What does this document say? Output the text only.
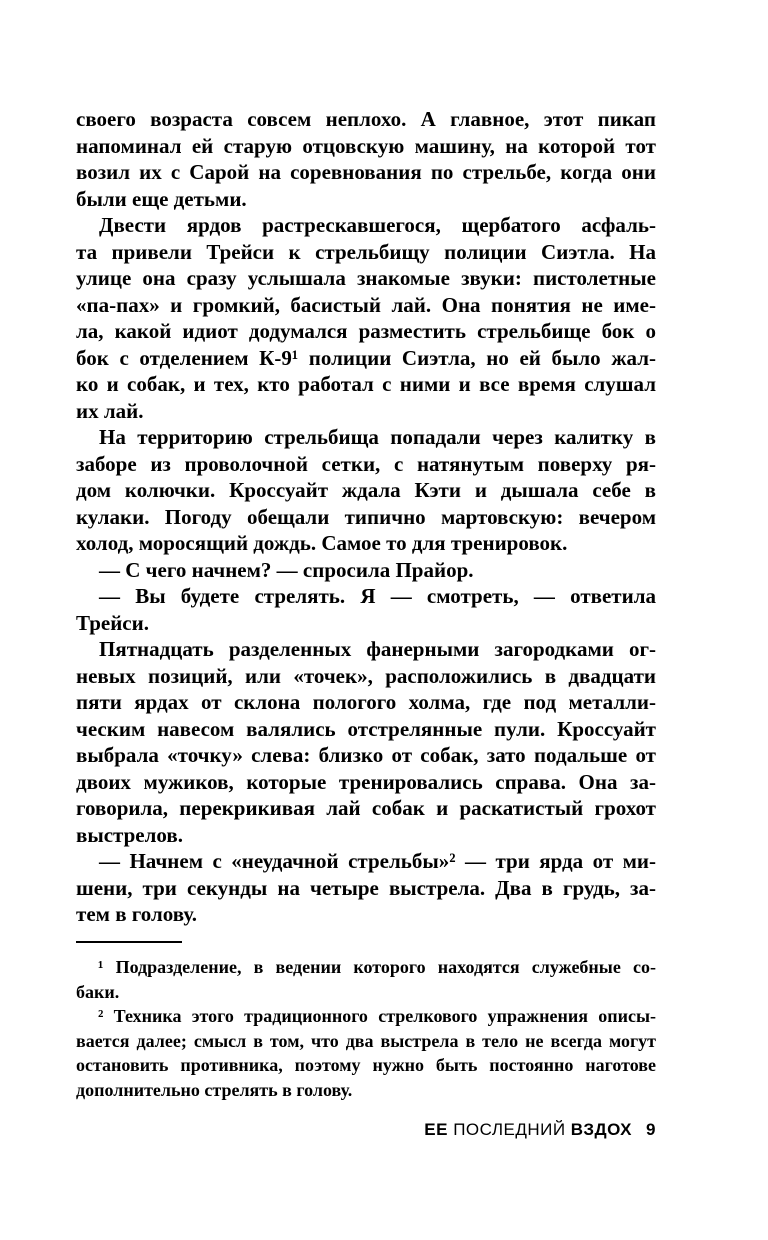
своего возраста совсем неплохо. А главное, этот пикап
напоминал ей старую отцовскую машину, на которой тот
возил их с Сарой на соревнования по стрельбе, когда они
были еще детьми.
Двести ярдов растрескавшегося, щербатого асфаль-
та привели Трейси к стрельбищу полиции Сиэтла. На
улице она сразу услышала знакомые звуки: пистолетные
«па-пах» и громкий, басистый лай. Она понятия не име-
ла, какой идиот додумался разместить стрельбище бок о
бок с отделением К-9¹ полиции Сиэтла, но ей было жал-
ко и собак, и тех, кто работал с ними и все время слушал
их лай.
На территорию стрельбища попадали через калитку в
заборе из проволочной сетки, с натянутым поверху ря-
дом колючки. Кроссуайт ждала Кэти и дышала себе в
кулаки. Погоду обещали типично мартовскую: вечером
холод, моросящий дождь. Самое то для тренировок.
— С чего начнем? — спросила Прайор.
— Вы будете стрелять. Я — смотреть, — ответила
Трейси.
Пятнадцать разделенных фанерными загородками ог-
невых позиций, или «точек», расположились в двадцати
пяти ярдах от склона пологого холма, где под металли-
ческим навесом валялись отстрелянные пули. Кроссуайт
выбрала «точку» слева: близко от собак, зато подальше от
двоих мужиков, которые тренировались справа. Она за-
говорила, перекрикивая лай собак и раскатистый грохот
выстрелов.
— Начнем с «неудачной стрельбы»² — три ярда от ми-
шени, три секунды на четыре выстрела. Два в грудь, за-
тем в голову.
¹ Подразделение, в ведении которого находятся служебные со-
баки.
² Техника этого традиционного стрелкового упражнения описы-
вается далее; смысл в том, что два выстрела в тело не всегда могут
остановить противника, поэтому нужно быть постоянно наготове
дополнительно стрелять в голову.
ЕЕ ПОСЛЕДНИЙ ВЗДОХ 9
